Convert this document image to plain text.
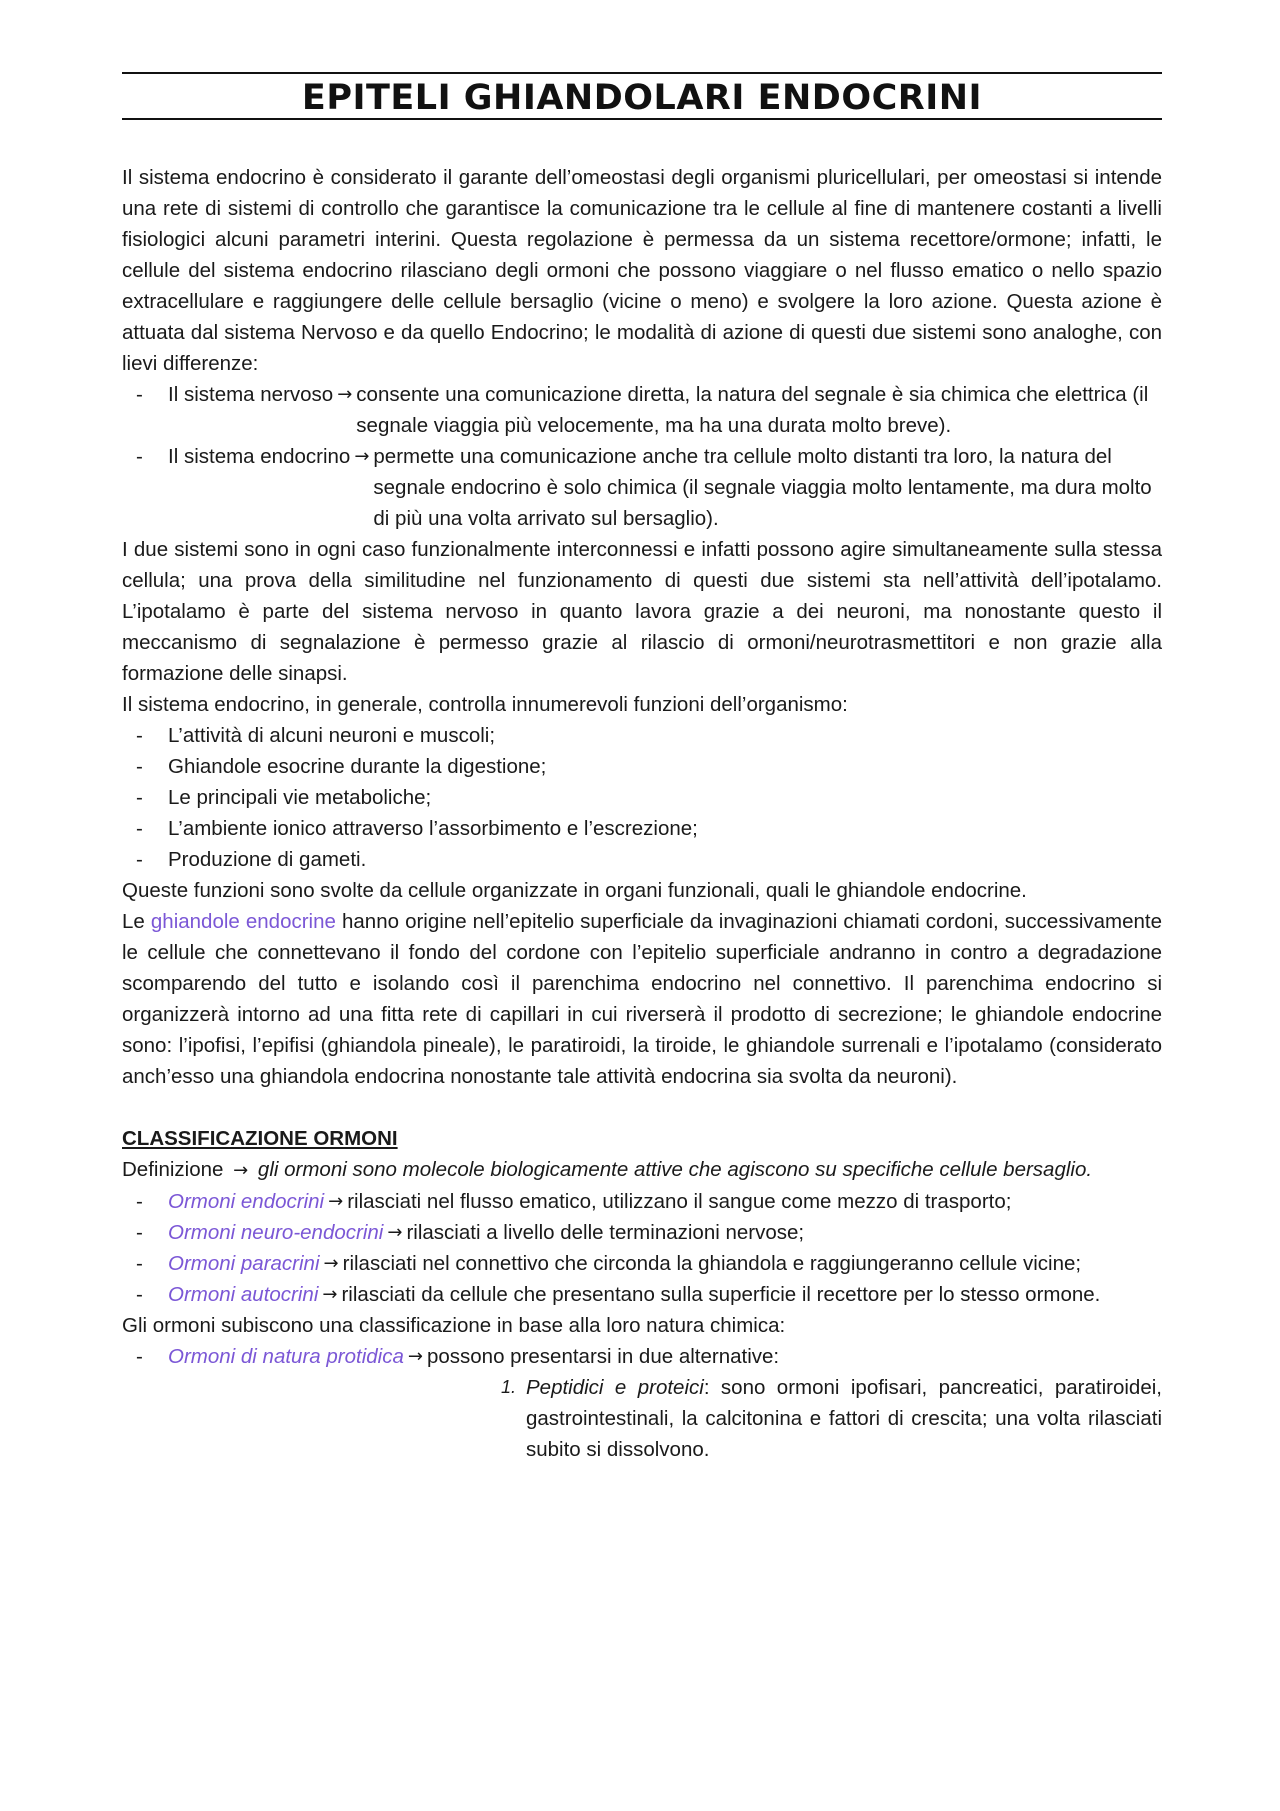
EPITELI GHIANDOLARI ENDOCRINI

Il sistema endocrino è considerato il garante dell’omeostasi degli organismi pluricellulari, per omeostasi si intende una rete di sistemi di controllo che garantisce la comunicazione tra le cellule al fine di mantenere costanti a livelli fisiologici alcuni parametri interini. Questa regolazione è permessa da un sistema recettore/ormone; infatti, le cellule del sistema endocrino rilasciano degli ormoni che possono viaggiare o nel flusso ematico o nello spazio extracellulare e raggiungere delle cellule bersaglio (vicine o meno) e svolgere la loro azione. Questa azione è attuata dal sistema Nervoso e da quello Endocrino; le modalità di azione di questi due sistemi sono analoghe, con lievi differenze:

-	Il sistema nervoso → consente una comunicazione diretta, la natura del segnale è sia chimica che elettrica (il segnale viaggia più velocemente, ma ha una durata molto breve).
-	Il sistema endocrino → permette una comunicazione anche tra cellule molto distanti tra loro, la natura del segnale endocrino è solo chimica (il segnale viaggia molto lentamente, ma dura molto di più una volta arrivato sul bersaglio).

I due sistemi sono in ogni caso funzionalmente interconnessi e infatti possono agire simultaneamente sulla stessa cellula; una prova della similitudine nel funzionamento di questi due sistemi sta nell’attività dell’ipotalamo. L’ipotalamo è parte del sistema nervoso in quanto lavora grazie a dei neuroni, ma nonostante questo il meccanismo di segnalazione è permesso grazie al rilascio di ormoni/neurotrasmettitori e non grazie alla formazione delle sinapsi.

Il sistema endocrino, in generale, controlla innumerevoli funzioni dell’organismo:

-	L’attività di alcuni neuroni e muscoli;
-	Ghiandole esocrine durante la digestione;
-	Le principali vie metaboliche;
-	L’ambiente ionico attraverso l’assorbimento e l’escrezione;
-	Produzione di gameti.

Queste funzioni sono svolte da cellule organizzate in organi funzionali, quali le ghiandole endocrine.

Le ghiandole endocrine hanno origine nell’epitelio superficiale da invaginazioni chiamati cordoni, successivamente le cellule che connettevano il fondo del cordone con l’epitelio superficiale andranno in contro a degradazione scomparendo del tutto e isolando così il parenchima endocrino nel connettivo. Il parenchima endocrino si organizzerà intorno ad una fitta rete di capillari in cui riverserà il prodotto di secrezione; le ghiandole endocrine sono: l’ipofisi, l’epifisi (ghiandola pineale), le paratiroidi, la tiroide, le ghiandole surrenali e l’ipotalamo (considerato anch’esso una ghiandola endocrina nonostante tale attività endocrina sia svolta da neuroni).

CLASSIFICAZIONE ORMONI

Definizione → gli ormoni sono molecole biologicamente attive che agiscono su specifiche cellule bersaglio.

-	Ormoni endocrini → rilasciati nel flusso ematico, utilizzano il sangue come mezzo di trasporto;
-	Ormoni neuro-endocrini → rilasciati a livello delle terminazioni nervose;
-	Ormoni paracrini → rilasciati nel connettivo che circonda la ghiandola e raggiungeranno cellule vicine;
-	Ormoni autocrini → rilasciati da cellule che presentano sulla superficie il recettore per lo stesso ormone.

Gli ormoni subiscono una classificazione in base alla loro natura chimica:

-	Ormoni di natura protidica → possono presentarsi in due alternative:
1. Peptidici e proteici: sono ormoni ipofisari, pancreatici, paratiroidei, gastrointestinali, la calcitonina e fattori di crescita; una volta rilasciati subito si dissolvono.
